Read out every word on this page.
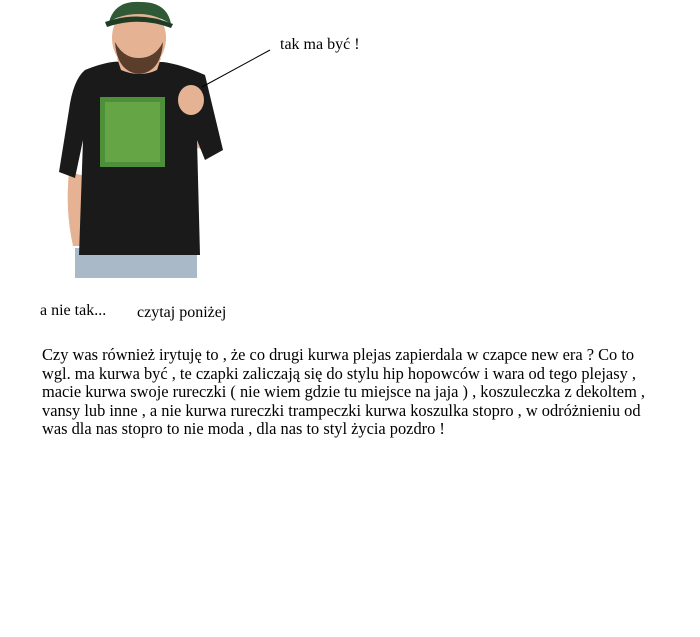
tak ma być !
a nie tak... czytaj poniżej

Czy was również irytuję to , że co drugi kurwa plejas zapierdala w czapce new era ? Co to wgl. ma kurwa być , te czapki zaliczają się do stylu hip hopowców i wara od tego plejasy , macie kurwa swoje rureczki ( nie wiem gdzie tu miejsce na jaja ) , koszuleczka z dekoltem , vansy lub inne , a nie kurwa rureczki trampeczki kurwa koszulka stopro , w odróżnieniu od was dla nas stopro to nie moda , dla nas to styl życia pozdro !
